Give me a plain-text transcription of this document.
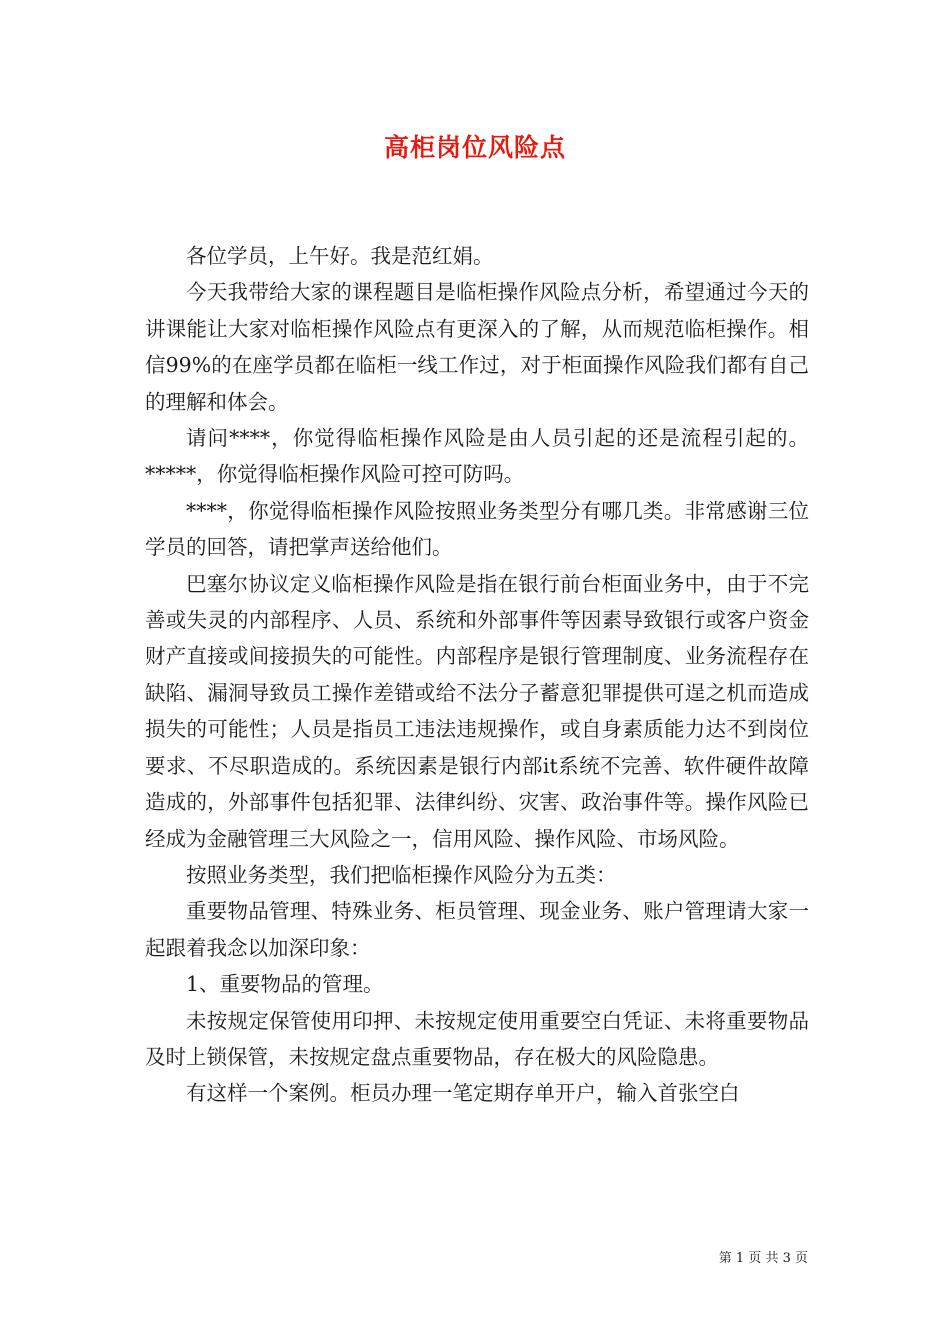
高柜岗位风险点

各位学员，上午好。我是范红娟。

今天我带给大家的课程题目是临柜操作风险点分析，希望通过今天的讲课能让大家对临柜操作风险点有更深入的了解，从而规范临柜操作。相信99%的在座学员都在临柜一线工作过，对于柜面操作风险我们都有自己的理解和体会。

请问****，你觉得临柜操作风险是由人员引起的还是流程引起的。*****，你觉得临柜操作风险可控可防吗。

****，你觉得临柜操作风险按照业务类型分有哪几类。非常感谢三位学员的回答，请把掌声送给他们。

巴塞尔协议定义临柜操作风险是指在银行前台柜面业务中，由于不完善或失灵的内部程序、人员、系统和外部事件等因素导致银行或客户资金财产直接或间接损失的可能性。内部程序是银行管理制度、业务流程存在缺陷、漏洞导致员工操作差错或给不法分子蓄意犯罪提供可逞之机而造成损失的可能性；人员是指员工违法违规操作，或自身素质能力达不到岗位要求、不尽职造成的。系统因素是银行内部it系统不完善、软件硬件故障造成的，外部事件包括犯罪、法律纠纷、灾害、政治事件等。操作风险已经成为金融管理三大风险之一，信用风险、操作风险、市场风险。

按照业务类型，我们把临柜操作风险分为五类：

重要物品管理、特殊业务、柜员管理、现金业务、账户管理请大家一起跟着我念以加深印象：

1、重要物品的管理。

未按规定保管使用印押、未按规定使用重要空白凭证、未将重要物品及时上锁保管，未按规定盘点重要物品，存在极大的风险隐患。

有这样一个案例。柜员办理一笔定期存单开户，输入首张空白

第 1 页 共 3 页
